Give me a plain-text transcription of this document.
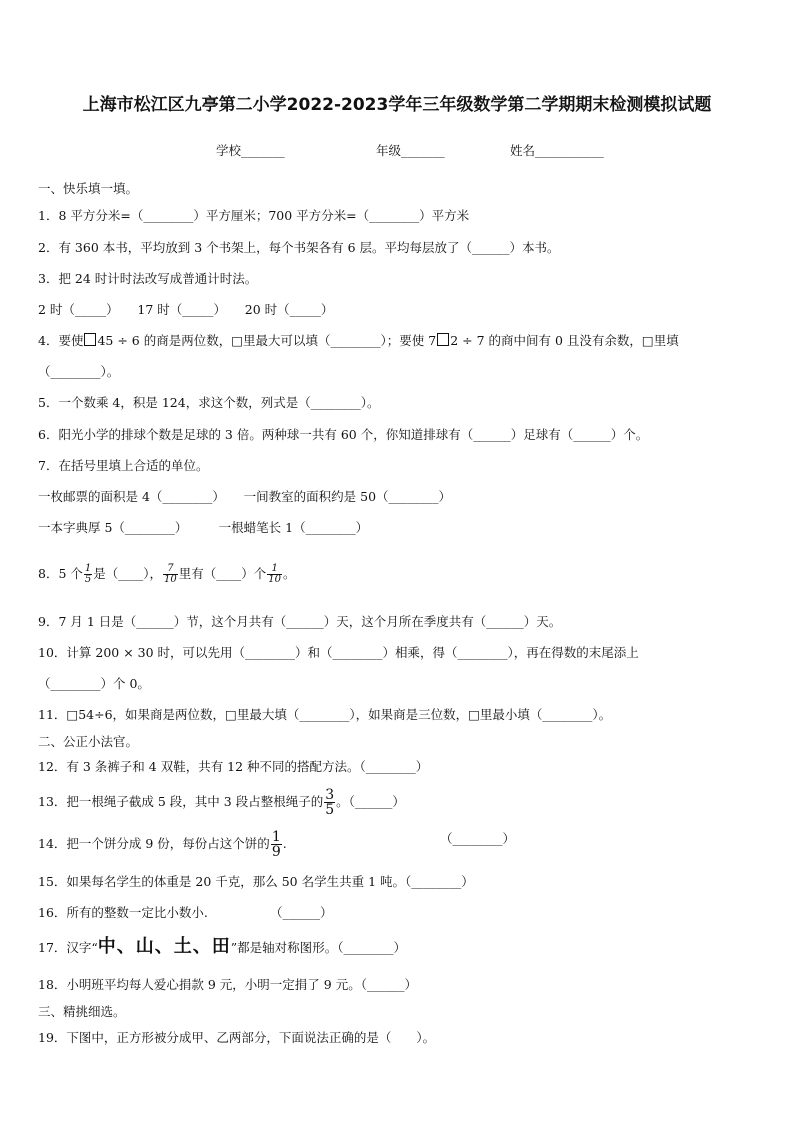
上海市松江区九亭第二小学2022-2023学年三年级数学第二学期期末检测模拟试题
学校_______	年级_______	姓名___________
一、快乐填一填。
1．8 平方分米=（________）平方厘米；700 平方分米=（________）平方米
2．有 360 本书，平均放到 3 个书架上，每个书架各有 6 层。平均每层放了（______）本书。
3．把 24 时计时法改写成普通计时法。
2 时（_____）　　17 时（_____）　　20 时（_____）
4．要使 45 ÷ 6 的商是两位数，□里最大可以填（________）；要使 7 2 ÷ 7 的商中间有 0 且没有余数，□里填
（________）。
5．一个数乘 4，积是 124，求这个数，列式是（________）。
6．阳光小学的排球个数是足球的 3 倍。两种球一共有 60 个，你知道排球有（______）足球有（______）个。
7．在括号里填上合适的单位。
一枚邮票的面积是 4（________）　　一间教室的面积约是 50（________）
一本字典厚 5（________）　　　一根蜡笔长 1（________）
8．5 个 $\frac{1}{5}$ 是（____）， $\frac{7}{10}$ 里有（____）个 $\frac{1}{10}$ 。
9．7 月 1 日是（______）节，这个月共有（______）天，这个月所在季度共有（______）天。
10．计算 200 × 30 时，可以先用（________）和（________）相乘，得（________），再在得数的末尾添上
（________）个 0。
11．□54÷6，如果商是两位数，□里最大填（________），如果商是三位数，□里最小填（________）。
二、公正小法官。
12．有 3 条裤子和 4 双鞋，共有 12 种不同的搭配方法。（________）
13．把一根绳子截成 5 段，其中 3 段占整根绳子的 $\frac{3}{5}$ 。（______）
14．把一个饼分成 9 份，每份占这个饼的 $\frac{1}{9}$ .	（________）
15．如果每名学生的体重是 20 千克，那么 50 名学生共重 1 吨。（________）
16．所有的整数一定比小数小.	（______）
17．汉字“中、山、土、田”都是轴对称图形。（________）
18．小明班平均每人爱心捐款 9 元，小明一定捐了 9 元。（______）
三、精挑细选。
19．下图中，正方形被分成甲、乙两部分，下面说法正确的是（　　）。
